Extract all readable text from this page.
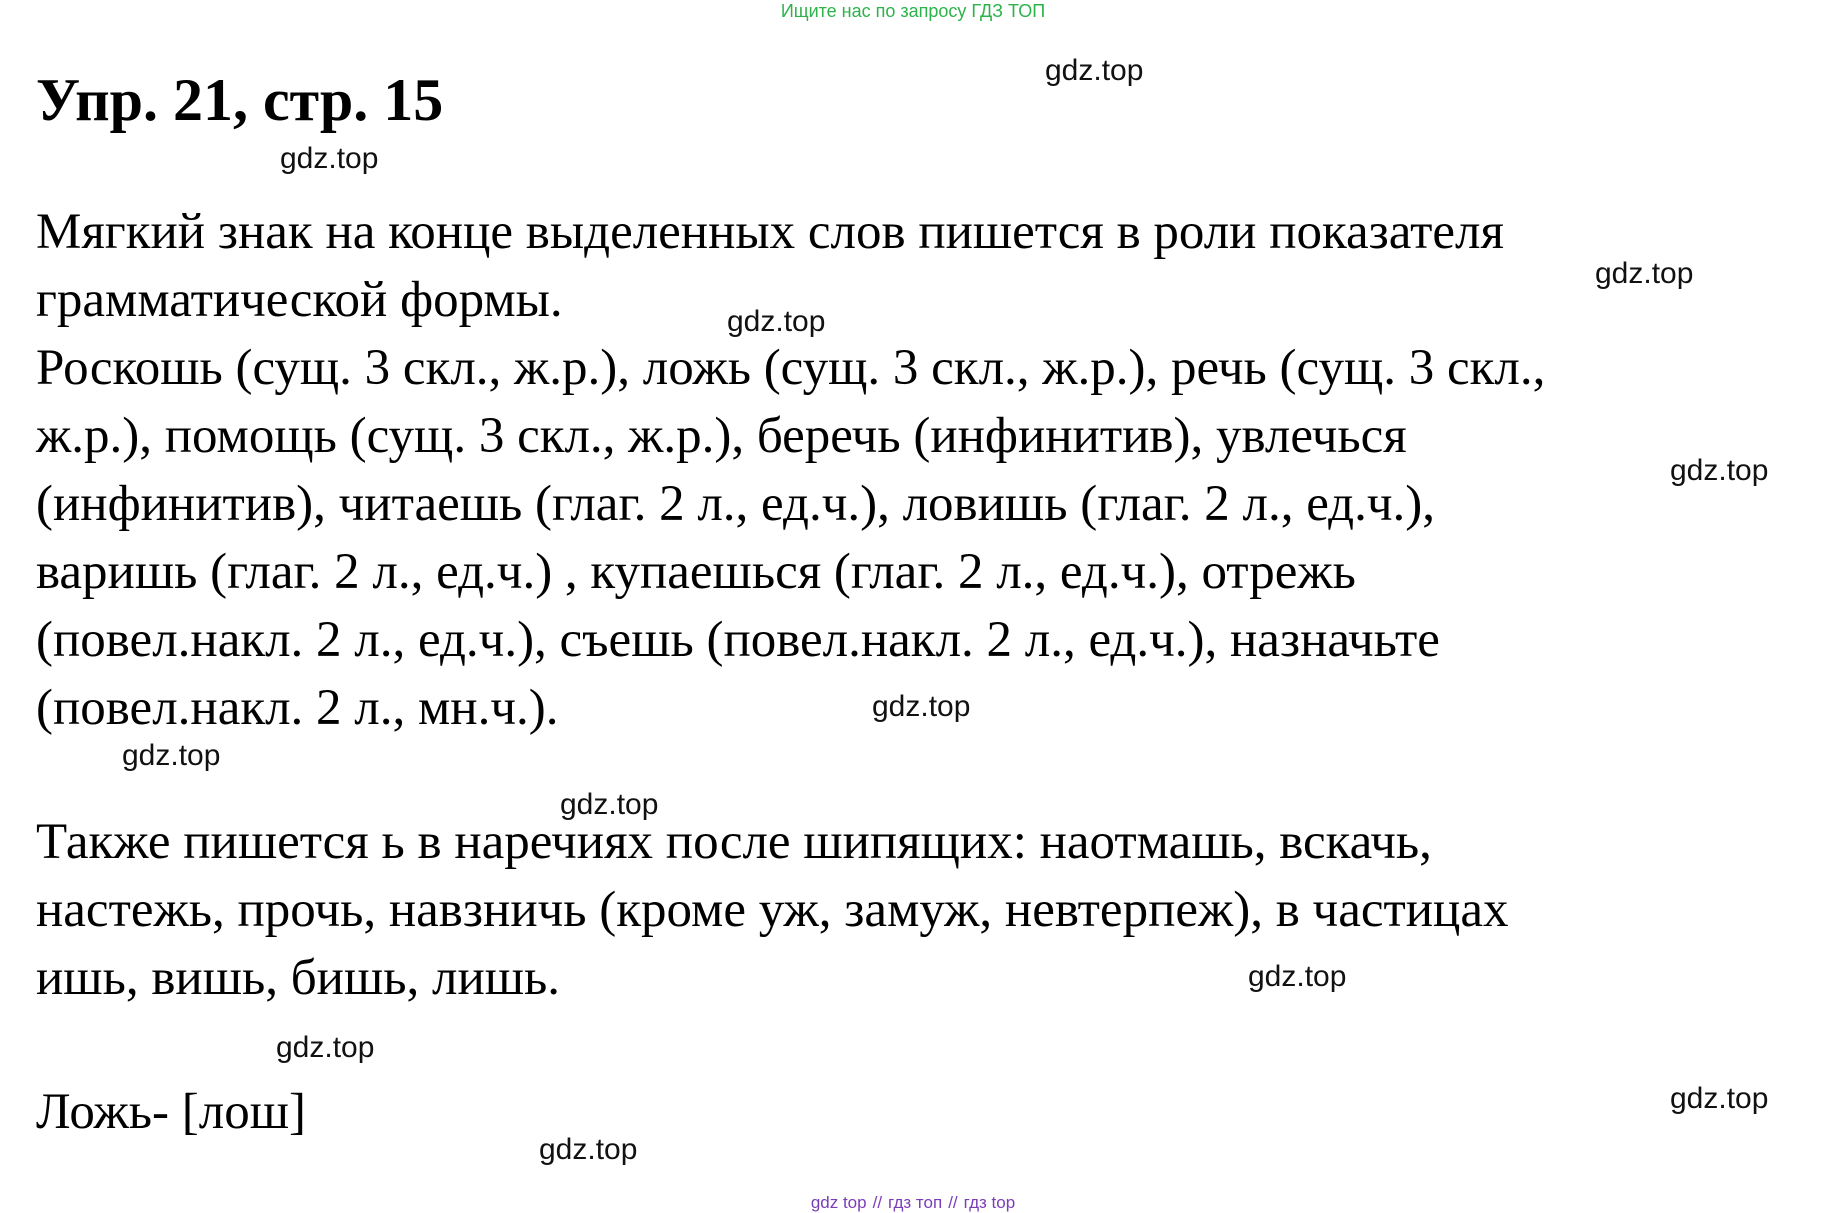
Ищите нас по запросу ГДЗ ТОП
Упр. 21, стр. 15

Мягкий знак на конце выделенных слов пишется в роли показателя
грамматической формы.

Роскошь (сущ. 3 скл., ж.р.), ложь (сущ. 3 скл., ж.р.), речь (сущ. 3 скл.,
ж.р.), помощь (сущ. 3 скл., ж.р.), беречь (инфинитив), увлечься
(инфинитив), читаешь (глаг. 2 л., ед.ч.), ловишь (глаг. 2 л., ед.ч.),
варишь (глаг. 2 л., ед.ч.) , купаешься (глаг. 2 л., ед.ч.), отрежь
(повел.накл. 2 л., ед.ч.), съешь (повел.накл. 2 л., ед.ч.), назначьте
(повел.накл. 2 л., мн.ч.).

Также пишется ь в наречиях после шипящих: наотмашь, вскачь,
настежь, прочь, навзничь (кроме уж, замуж, невтерпеж), в частицах
ишь, вишь, бишь, лишь.

Ложь- [лош]

gdz.top
gdz.top
gdz.top
gdz.top
gdz.top
gdz.top
gdz.top
gdz.top
gdz.top
gdz.top
gdz.top
gdz.top
gdz top // гдз топ // гдз top
